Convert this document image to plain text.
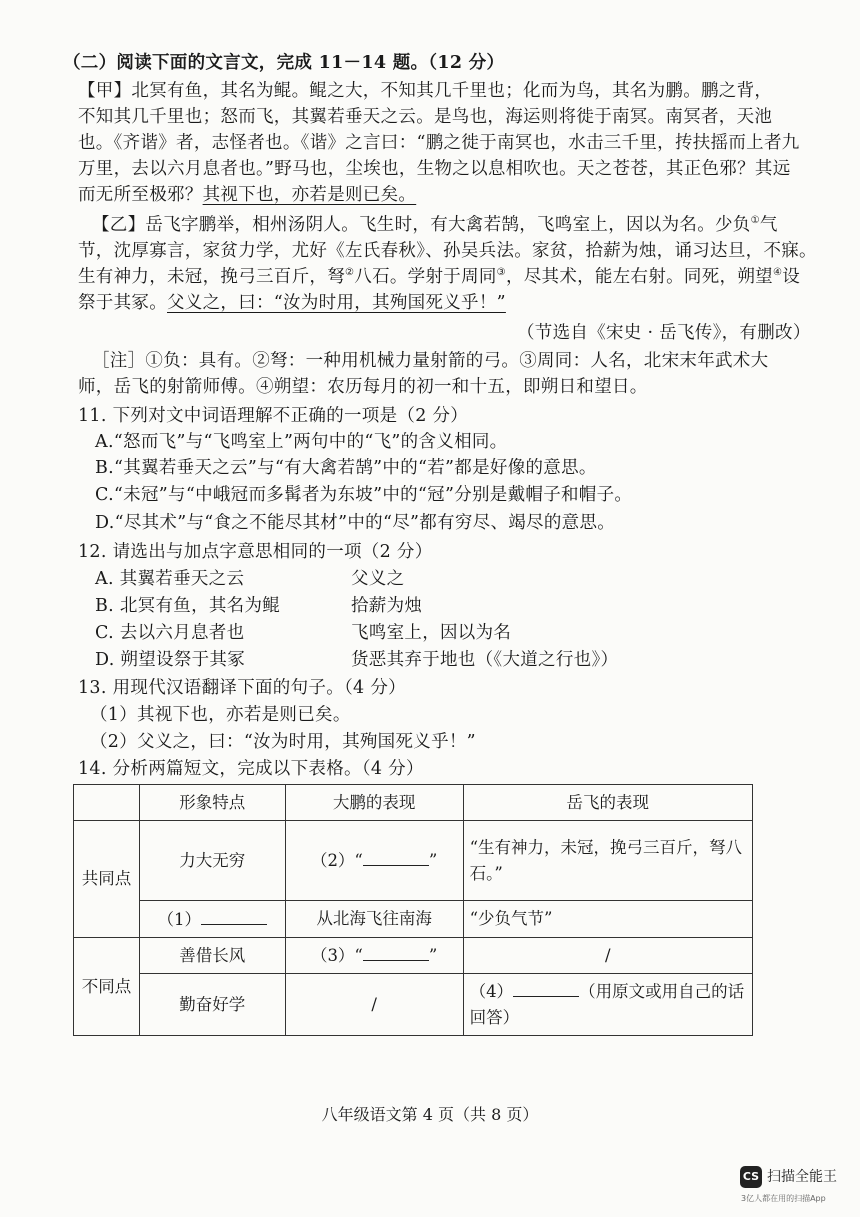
（二）阅读下面的文言文，完成 11－14 题。（12 分）
【甲】北冥有鱼，其名为鲲。鲲之大，不知其几千里也；化而为鸟，其名为鹏。鹏之背，
不知其几千里也；怒而飞，其翼若垂天之云。是鸟也，海运则将徙于南冥。南冥者，天池
也。《齐谐》者，志怪者也。《谐》之言曰：“鹏之徙于南冥也，水击三千里，抟扶摇而上者九
万里，去以六月息者也。”野马也，尘埃也，生物之以息相吹也。天之苍苍，其正色邪？其远
而无所至极邪？其视下也，亦若是则已矣。
【乙】岳飞字鹏举，相州汤阴人。飞生时，有大禽若鹄，飞鸣室上，因以为名。少负①气
节，沈厚寡言，家贫力学，尤好《左氏春秋》、孙吴兵法。家贫，拾薪为烛，诵习达旦，不寐。
生有神力，未冠，挽弓三百斤，弩②八石。学射于周同③，尽其术，能左右射。同死，朔望④设
祭于其冢。父义之，曰：“汝为时用，其殉国死义乎！”
（节选自《宋史 · 岳飞传》，有删改）
［注］①负：具有。②弩：一种用机械力量射箭的弓。③周同：人名，北宋末年武术大
师，岳飞的射箭师傅。④朔望：农历每月的初一和十五，即朔日和望日。
11. 下列对文中词语理解不正确的一项是（2 分）
A.“怒而飞”与“飞鸣室上”两句中的“飞”的含义相同。
B.“其翼若垂天之云”与“有大禽若鹄”中的“若”都是好像的意思。
C.“未冠”与“中峨冠而多髯者为东坡”中的“冠”分别是戴帽子和帽子。
D.“尽其术”与“食之不能尽其材”中的“尽”都有穷尽、竭尽的意思。
12. 请选出与加点字意思相同的一项（2 分）
A. 其翼若垂天之云	父义之
B. 北冥有鱼，其名为鲲	拾薪为烛
C. 去以六月息者也	飞鸣室上，因以为名
D. 朔望设祭于其冢	货恶其弃于地也（《大道之行也》）
13. 用现代汉语翻译下面的句子。（4 分）
（1）其视下也，亦若是则已矣。
（2）父义之，曰：“汝为时用，其殉国死义乎！”
14. 分析两篇短文，完成以下表格。（4 分）
	形象特点	大鹏的表现	岳飞的表现
共同点	力大无穷	（2）“ ”	“生有神力，未冠，挽弓三百斤，弩八石。”
	（1）	从北海飞往南海	“少负气节”
不同点	善借长风	（3）“ ”	/
	勤奋好学	/	（4） （用原文或用自己的话回答）
八年级语文第 4 页（共 8 页）
CS 扫描全能王
3亿人都在用的扫描App
